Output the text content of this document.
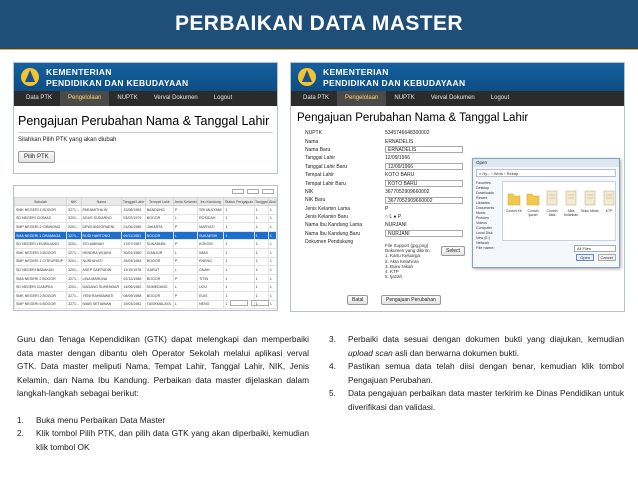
PERBAIKAN DATA MASTER
KEMENTERIAN
PENDIDIKAN DAN KEBUDAYAAN
Data PTK	Pengelolaan	NUPTK	Verval Dokumen	Logout
Pengajuan Perubahan Nama & Tanggal Lahir
Silahkan Pilih PTK yang akan diubah
Pilih PTK
Sekolah	NIK	Nama	Tanggal Lahir	Tempat Lahir	Jenis Kelamin	Ibu Kandung	Status Pengajuan	Tanggal	Aksi
SMK NEGERI 1 BOGOR	3271...	PARAMITHA W	12/08/1983	BANDUNG	P	SRI MULYANI	1	1	1
SD NEGERI CIOMAS	3201...	AGUS SUDARNO	03/02/1979	BOGOR	L	ROSIDAH	1	1	1
SMP NEGERI 2 CIBINONG	3201...	DEWI ANGGRAENI	21/05/1985	JAKARTA	P	MARYATI	1	1	1
SMA NEGERI 1 DRAMAGA	3271...	RUDI HARTONO	09/11/1981	BOGOR	L	SUKAESIH	1	1	1
SD NEGERI LEUWILIANG	3201...	SITI AMINAH	17/07/1987	SUKABUMI	P	KOKOM	1	1	1
SMK NEGERI 3 BOGOR	3271...	HENDRA WIJAYA	30/01/1980	CIANJUR	L	IMAS	1	1	1
SMP NEGERI 1 CITEUREUP	3201...	NURHAYATI	25/04/1984	BOGOR	P	ENENG	1	1	1
SD NEGERI BABAKAN	3201...	ASEP SAEPUDIN	11/10/1978	GARUT	L	ONAH	1	1	1
SMA NEGERI 2 BOGOR	3271...	LINA MARLINA	02/12/1986	BOGOR	P	TITIN	1	1	1
SD NEGERI CIAMPEA	3201...	DADANG SUHENDAR	14/06/1982	SUMEDANG	L	UCU	1	1	1
SMK NEGERI 2 BOGOR	3271...	YENI RAHMAWATI	08/09/1988	BOGOR	P	EUIS	1	1	1
SMP NEGERI 5 BOGOR	3271...	IWAN SETIAWAN	19/03/1981	TASIKMALAYA	L	NENG	1	1	1
KEMENTERIAN
PENDIDIKAN DAN KEBUDAYAAN
Data PTK	Pengelolaan	NUPTK	Verval Dokumen	Logout
Pengajuan Perubahan Nama & Tanggal Lahir
NUPTK	5345746648300002
Nama	ERNADELIS
Nama Baru	ERNADELIS
Tanggal Lahir	12/09/1966
Tanggal Lahir Baru	12/09/1966
Tempat Lahir	KOTO BARU
Tempat Lahir Baru	KOTO BARU
NIK	3677052909660002
NIK Baru	3677052909660002
Jenis Kelamin Lama	P
Jenis Kelamin Baru	○ L ● P
Nama Ibu Kandung Lama	NURJANI
Nama Ibu Kandung Baru	NURJANI
Dokumen Pendukung
Select
File Support (jpg,png)
Dokumen yang dikirim:
1. Kartu Keluarga
2. Akta Kelahiran
3. Buku Nikah
4. KTP
5. Ijazah
Batal	Pengajuan Perubahan
Open
« Hy... › Work › Rekap
Favorites
Desktop
Downloads
Recent
Libraries
Documents
Music
Pictures
Videos
Computer
Local Disk
New (E:)
Network
Contoh KK	Contoh Ijazah
Contoh Akta
Akta Kelahiran
Buku Nikah	KTP
File name:	All Files
Open	Cancel

Guru dan Tenaga Kependidikan (GTK) dapat melengkapi dan memperbaiki data master dengan dibantu oleh Operator Sekolah melalui aplikasi verval GTK. Data master meliputi Nama, Tempat Lahir, Tanggal Lahir, NIK, Jenis Kelamin, dan Nama Ibu Kandung. Perbaikan data master dijelaskan dalam langkah-langkah sebagai berikut:

1.	Buka menu Perbaikan Data Master
2.	Klik tombol Pilih PTK, dan pilih data GTK yang akan diperbaiki, kemudian klik tombol OK
3.	Perbaiki data sesuai dengan dokumen bukti yang diajukan, kemudian upload scan asli dan berwarna dokumen bukti.
4.	Pastikan semua data telah diisi dengan benar, kemudian klik tombol Pengajuan Perubahan.
5.	Data pengajuan perbaikan data master terkirim ke Dinas Pendidikan untuk diverifikasi dan validasi.
